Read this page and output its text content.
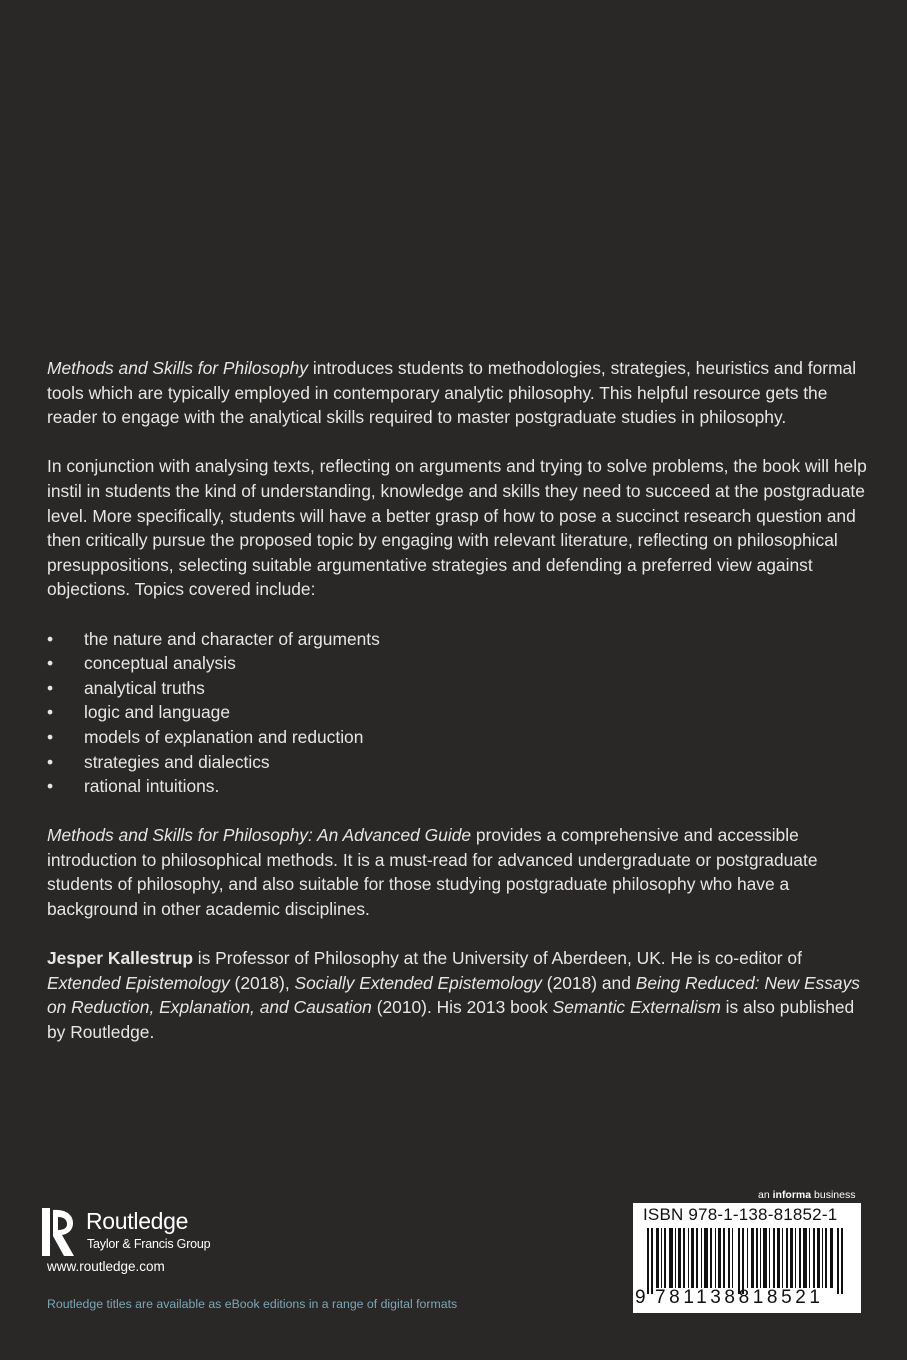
Methods and Skills for Philosophy introduces students to methodologies, strategies, heuristics and formal tools which are typically employed in contemporary analytic philosophy. This helpful resource gets the reader to engage with the analytical skills required to master postgraduate studies in philosophy.

In conjunction with analysing texts, reflecting on arguments and trying to solve problems, the book will help instil in students the kind of understanding, knowledge and skills they need to succeed at the postgraduate level. More specifically, students will have a better grasp of how to pose a succinct research question and then critically pursue the proposed topic by engaging with relevant literature, reflecting on philosophical presuppositions, selecting suitable argumentative strategies and defending a preferred view against objections. Topics covered include:

• the nature and character of arguments
• conceptual analysis
• analytical truths
• logic and language
• models of explanation and reduction
• strategies and dialectics
• rational intuitions.

Methods and Skills for Philosophy: An Advanced Guide provides a comprehensive and accessible introduction to philosophical methods. It is a must-read for advanced undergraduate or postgraduate students of philosophy, and also suitable for those studying postgraduate philosophy who have a background in other academic disciplines.

Jesper Kallestrup is Professor of Philosophy at the University of Aberdeen, UK. He is co-editor of Extended Epistemology (2018), Socially Extended Epistemology (2018) and Being Reduced: New Essays on Reduction, Explanation, and Causation (2010). His 2013 book Semantic Externalism is also published by Routledge.

Routledge
Taylor & Francis Group
www.routledge.com
Routledge titles are available as eBook editions in a range of digital formats
an informa business
ISBN 978-1-138-81852-1
9 781138818521
